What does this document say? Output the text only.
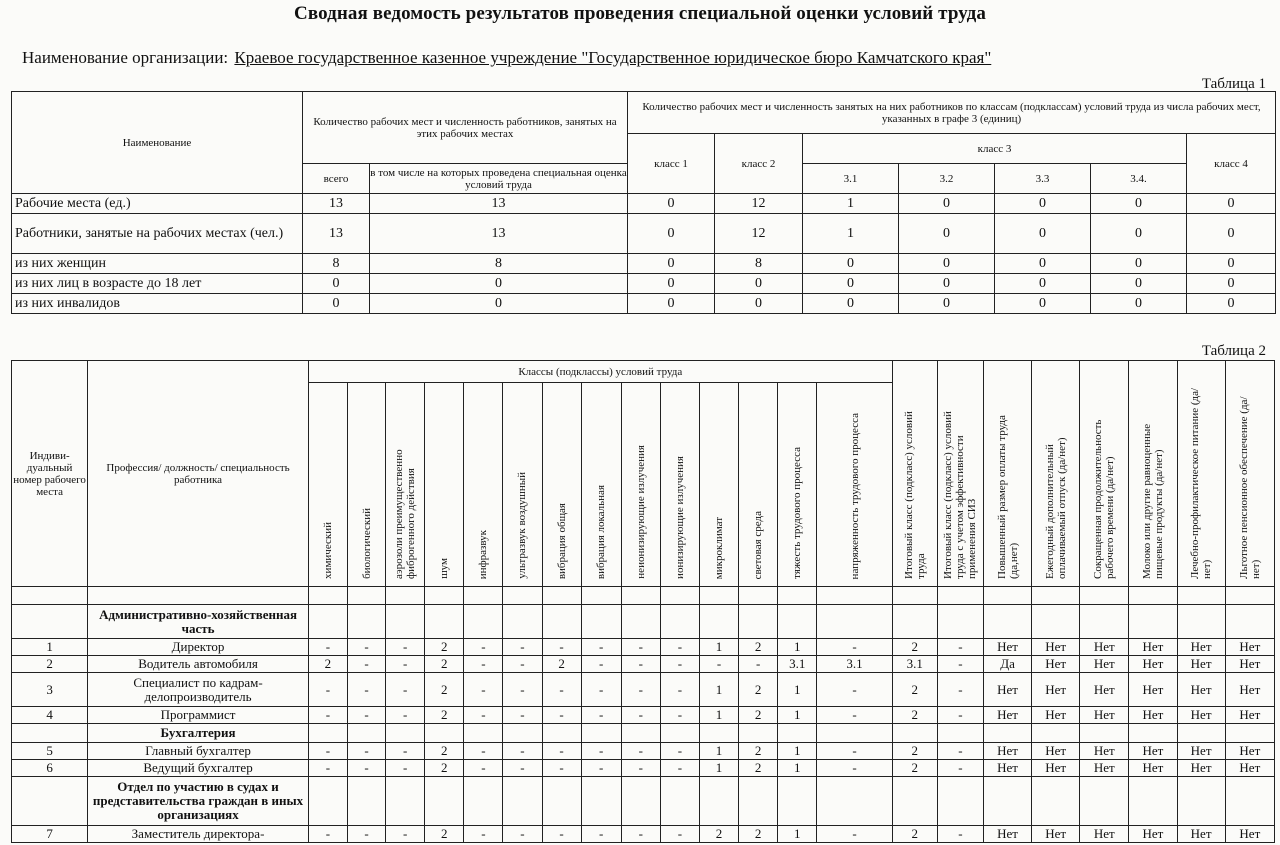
Сводная ведомость результатов проведения специальной оценки условий труда
Наименование организации: Краевое государственное казенное учреждение "Государственное юридическое бюро Камчатского края"
Таблица 1
Наименование	Количество рабочих мест и численность работников, занятых на этих рабочих местах		Количество рабочих мест и численность занятых на них работников по классам (подклассам) условий труда из числа рабочих мест, указанных в графе 3 (единиц)						
			класс 1	класс 2	класс 3				класс 4
	всего	в том числе на которых проведена специальная оценка условий труда			3.1	3.2	3.3	3.4.	
Рабочие места (ед.)	13	13	0	12	1	0	0	0	0
Работники, занятые на рабочих местах (чел.)	13	13	0	12	1	0	0	0	0
из них женщин	8	8	0	8	0	0	0	0	0
из них лиц в возрасте до 18 лет	0	0	0	0	0	0	0	0	0
из них инвалидов	0	0	0	0	0	0	0	0	0
Таблица 2
Индиви-дуальный номер рабочего места	Профессия/ должность/ специальность работника	Классы (подклассы) условий труда														Итоговый класс (подкласс) условий труда	Итоговый класс (подкласс) условий труда с учетом эффективности применения СИЗ	Повышенный размер оплаты труда (да,нет)	Ежегодный дополнительный оплачиваемый отпуск (да/нет)	Сокращенная продолжительность рабочего времени (да/нет)	Молоко или другие равноценные пищевые продукты (да/нет)	Лечебно-профилактическое питание (да/нет)	Льготное пенсионное обеспечение (да/нет)
		химический	биологический	аэрозоли преимущественно фиброгенного действия	шум	инфразвук	ультразвук воздушный	вибрация общая	вибрация локальная	неионизирующие излучения	ионизирующие излучения	микроклимат	световая среда	тяжесть трудового процесса	напряженность трудового процесса								

	Административно-хозяйственная часть																						
1	Директор	-	-	-	2	-	-	-	-	-	-	1	2	1	-	2	-	Нет	Нет	Нет	Нет	Нет	Нет
2	Водитель автомобиля	2	-	-	2	-	-	2	-	-	-	-	-	3.1	3.1	3.1	-	Да	Нет	Нет	Нет	Нет	Нет
3	Специалист по кадрам-делопроизводитель	-	-	-	2	-	-	-	-	-	-	1	2	1	-	2	-	Нет	Нет	Нет	Нет	Нет	Нет
4	Программист	-	-	-	2	-	-	-	-	-	-	1	2	1	-	2	-	Нет	Нет	Нет	Нет	Нет	Нет
	Бухгалтерия																						
5	Главный бухгалтер	-	-	-	2	-	-	-	-	-	-	1	2	1	-	2	-	Нет	Нет	Нет	Нет	Нет	Нет
6	Ведущий бухгалтер	-	-	-	2	-	-	-	-	-	-	1	2	1	-	2	-	Нет	Нет	Нет	Нет	Нет	Нет
	Отдел по участию в судах и представительства граждан в иных организациях																						
7	Заместитель директора-	-	-	-	2	-	-	-	-	-	-	2	2	1	-	2	-	Нет	Нет	Нет	Нет	Нет	Нет
